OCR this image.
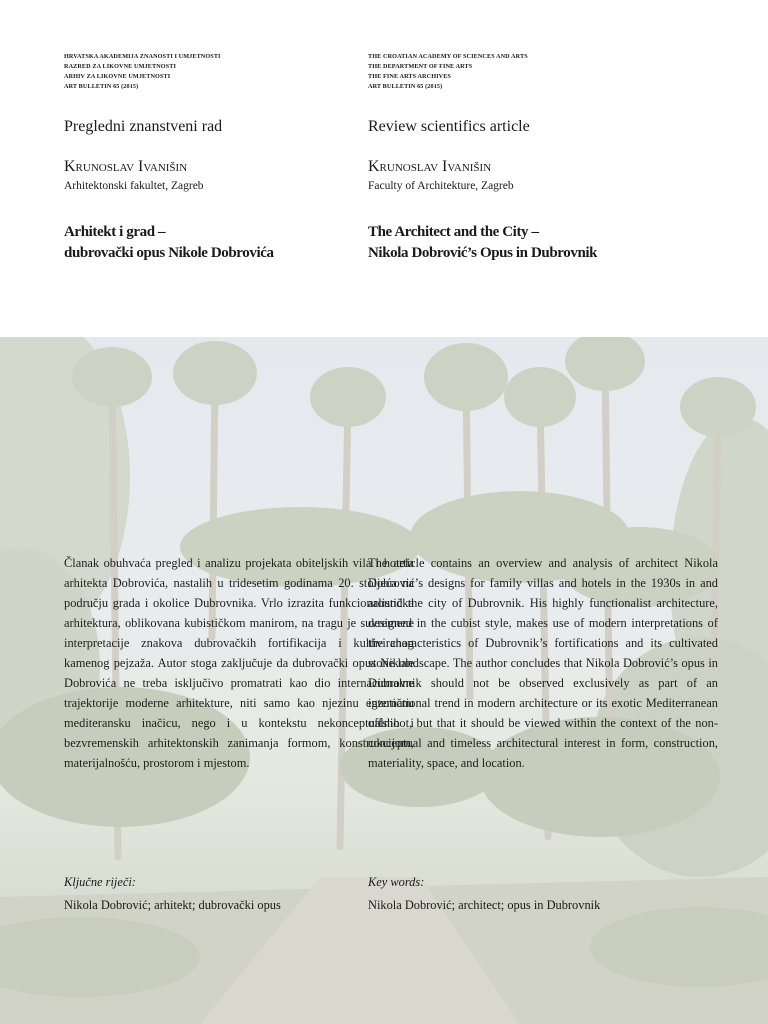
HRVATSKA AKADEMIJA ZNANOSTI I UMJETNOSTI
RAZRED ZA LIKOVNE UMJETNOSTI
ARHIV ZA LIKOVNE UMJETNOSTI
ART BULLETIN 65 (2015)
THE CROATIAN ACADEMY OF SCIENCES AND ARTS
THE DEPARTMENT OF FINE ARTS
THE FINE ARTS ARCHIVES
ART BULLETIN 65 (2015)
Pregledni znanstveni rad	Review scientifics article
Krunoslav Ivanišin	Krunoslav Ivanišin
Arhitektonski fakultet, Zagreb	Faculty of Architekture, Zagreb
Arhitekt i grad –
dubrovački opus Nikole Dobrovića
The Architect and the City –
Nikola Dobrović’s Opus in Dubrovnik
Članak obuhvaća pregled i analizu projekata obiteljskih vila i hotela arhitekta Dobrovića, nastalih u tridesetim godinama 20. stoljeća na području grada i okolice Dubrovnika. Vrlo izrazita funkcionalistička arhitektura, oblikovana kubističkom manirom, na tragu je suvremene interpretacije znakova dubrovačkih fortifikacija i kultiviranog kamenog pejzaža. Autor stoga zaključuje da dubrovački opus Nikole Dobrovića ne treba isključivo promatrati kao dio internacionalne trajektorije moderne arhitekture, niti samo kao njezinu egzotičnu mediteransku inačicu, nego i u kontekstu nekonceptualnih i bezvremenskih arhitektonskih zanimanja formom, konstrukcijom, materijalnošću, prostorom i mjestom.
The article contains an overview and analysis of architect Nikola Dobrović’s designs for family villas and hotels in the 1930s in and around the city of Dubrovnik. His highly functionalist architecture, designed in the cubist style, makes use of modern interpretations of the characteristics of Dubrovnik’s fortifications and its cultivated stone landscape. The author concludes that Nikola Dobrović’s opus in Dubrovnik should not be observed exclusively as part of an international trend in modern architecture or its exotic Mediterranean offshoot, but that it should be viewed within the context of the non-conceptual and timeless architectural interest in form, construction, materiality, space, and location.
Ključne riječi:	Key words:
Nikola Dobrović; arhitekt; dubrovački opus	Nikola Dobrović; architect; opus in Dubrovnik
